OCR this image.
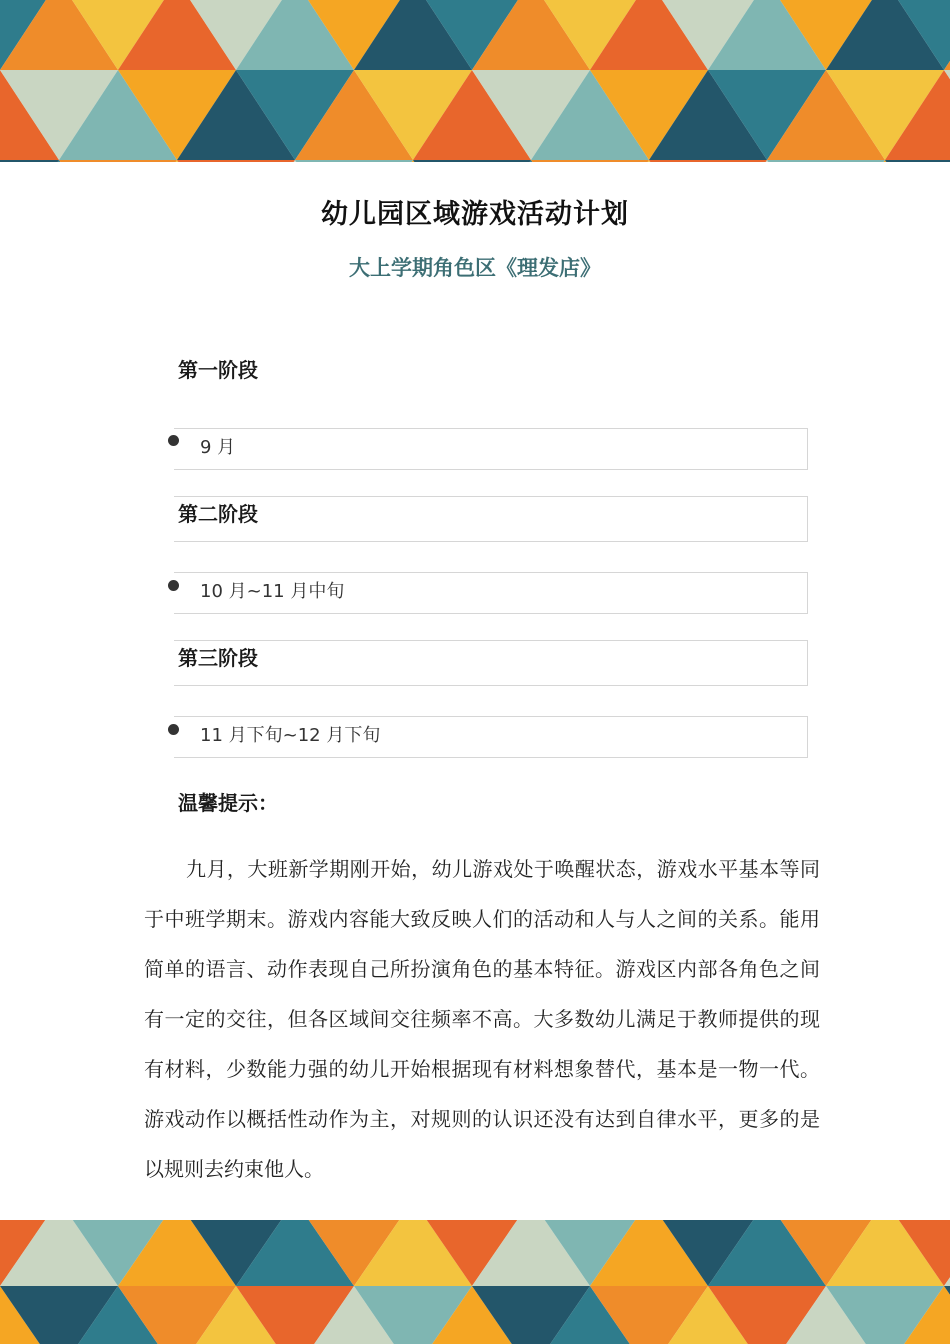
幼儿园区域游戏活动计划
大上学期角色区《理发店》
第一阶段
9 月
第二阶段
10 月~11 月中旬
第三阶段
11 月下旬~12 月下旬
温馨提示：

九月，大班新学期刚开始，幼儿游戏处于唤醒状态，游戏水平基本等同于中班学期末。游戏内容能大致反映人们的活动和人与人之间的关系。能用简单的语言、动作表现自己所扮演角色的基本特征。游戏区内部各角色之间有一定的交往，但各区域间交往频率不高。大多数幼儿满足于教师提供的现有材料，少数能力强的幼儿开始根据现有材料想象替代，基本是一物一代。游戏动作以概括性动作为主，对规则的认识还没有达到自律水平，更多的是以规则去约束他人。
